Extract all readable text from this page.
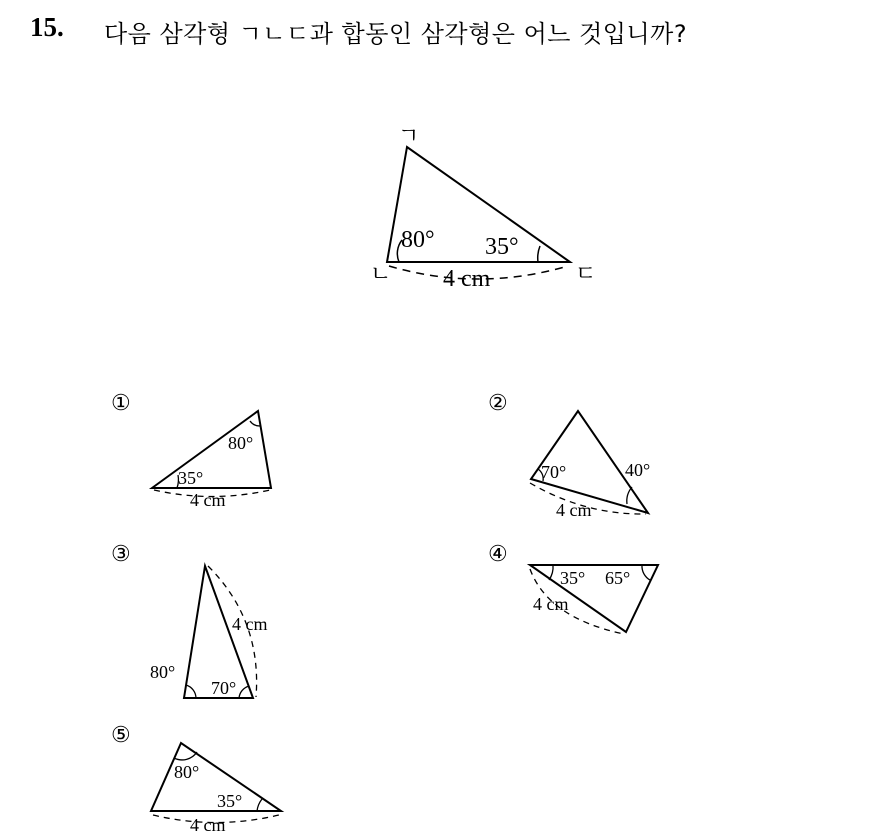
15. 다음 삼각형 ㄱㄴㄷ과 합동인 삼각형은 어느 것입니까?
ㄱ
ㄴ	ㄷ
80° 35°
4 cm
①
80°
35°
4 cm
②
70°	40°
4 cm
③
80°
70°
4 cm
④
35° 65°
4 cm
⑤
80°
35°
4 cm
